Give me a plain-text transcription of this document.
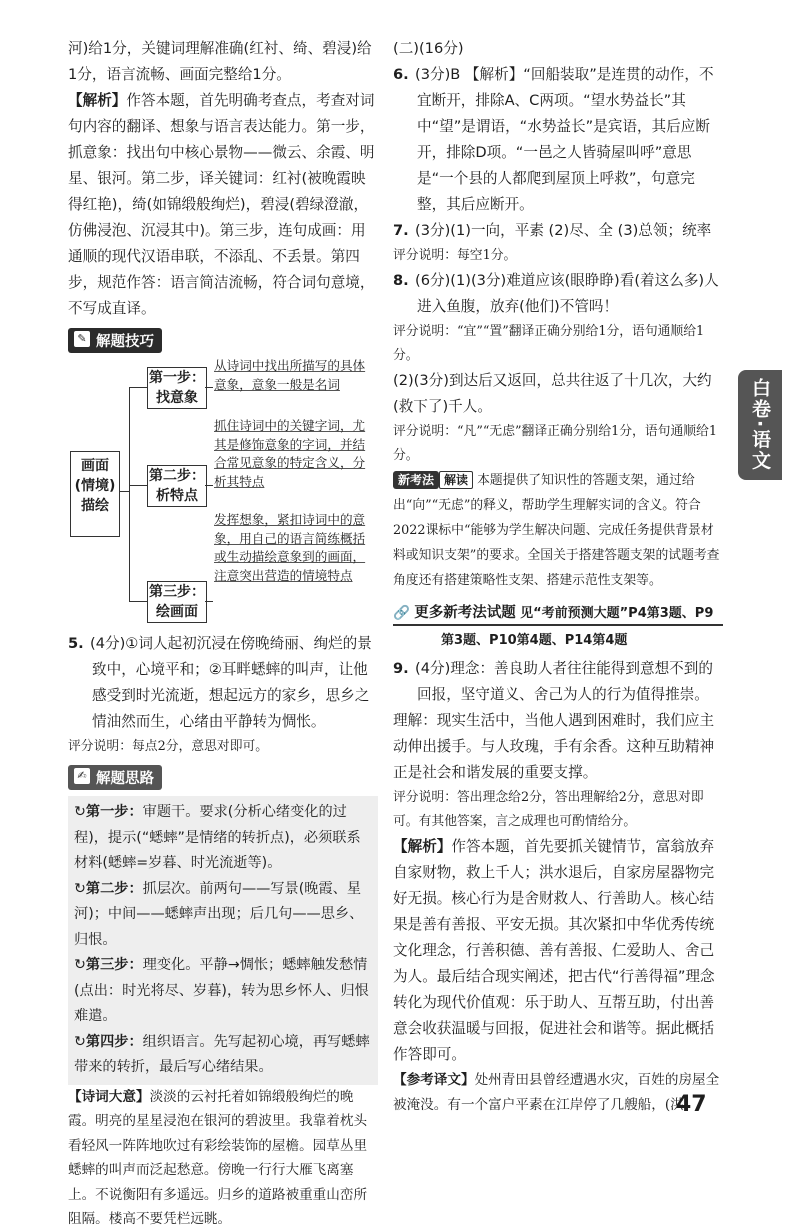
河)给1分，关键词理解准确(红衬、绮、碧浸)给1分，语言流畅、画面完整给1分。

【解析】作答本题，首先明确考查点，考查对词句内容的翻译、想象与语言表达能力。第一步，抓意象：找出句中核心景物——微云、余霞、明星、银河。第二步，译关键词：红衬(被晚霞映得红艳)，绮(如锦缎般绚烂)，碧浸(碧绿澄澈，仿佛浸泡、沉浸其中)。第三步，连句成画：用通顺的现代汉语串联，不添乱、不丢景。第四步，规范作答：语言简洁流畅，符合词句意境，不写成直译。

✎ 解题技巧
画面(情境)描绘
第一步：找意象
第二步：析特点
第三步：绘画面
从诗词中找出所描写的具体意象，意象一般是名词
抓住诗词中的关键字词，尤其是修饰意象的字词，并结合常见意象的特定含义，分析其特点
发挥想象，紧扣诗词中的意象，用自己的语言简练概括或生动描绘意象到的画面，注意突出营造的情境特点

5. (4分)①词人起初沉浸在傍晚绮丽、绚烂的景致中，心境平和；②耳畔蟋蟀的叫声，让他感受到时光流逝，想起远方的家乡，思乡之情油然而生，心绪由平静转为惆怅。

评分说明：每点2分，意思对即可。

✍ 解题思路
↻第一步：审题干。要求(分析心绪变化的过程)，提示(“蟋蟀”是情绪的转折点)，必须联系材料(蟋蟀=岁暮、时光流逝等)。
↻第二步：抓层次。前两句——写景(晚霞、星河)；中间——蟋蟀声出现；后几句——思乡、归恨。
↻第三步：理变化。平静→惆怅；蟋蟀触发愁情(点出：时光将尽、岁暮)，转为思乡怀人、归恨难遣。
↻第四步：组织语言。先写起初心境，再写蟋蟀带来的转折，最后写心绪结果。

【诗词大意】淡淡的云衬托着如锦缎般绚烂的晚霞。明亮的星星浸泡在银河的碧波里。我靠着枕头看轻风一阵阵地吹过有彩绘装饰的屋檐。园草丛里蟋蟀的叫声而泛起愁意。傍晚一行行大雁飞离塞上。不说衡阳有多遥远。归乡的道路被重重山峦所阻隔。楼高不要凭栏远眺。

(二)(16分)

6. (3分)B 【解析】“回船装取”是连贯的动作，不宜断开，排除A、C两项。“望水势益长”其中“望”是谓语，“水势益长”是宾语，其后应断开，排除D项。“一邑之人皆骑屋叫呼”意思是“一个县的人都爬到屋顶上呼救”，句意完整，其后应断开。

7. (3分)(1)一向，平素 (2)尽、全 (3)总领；统率

评分说明：每空1分。

8. (6分)(1)(3分)难道应该(眼睁睁)看(着这么多)人进入鱼腹，放弃(他们)不管吗！

评分说明：“宜”“置”翻译正确分别给1分，语句通顺给1分。

(2)(3分)到达后又返回，总共往返了十几次，大约(救下了)千人。

评分说明：“凡”“无虑”翻译正确分别给1分，语句通顺给1分。

新考法 解读 本题提供了知识性的答题支架，通过给出“向”“无虑”的释义，帮助学生理解实词的含义。符合2022课标中“能够为学生解决问题、完成任务提供背景材料或知识支架”的要求。全国关于搭建答题支架的试题考查角度还有搭建策略性支架、搭建示范性支架等。

🔗 更多新考法试题 见“考前预测大题”P4第3题、P9
第3题、P10第4题、P14第4题

9. (4分)理念：善良助人者往往能得到意想不到的回报，坚守道义、舍己为人的行为值得推崇。

理解：现实生活中，当他人遇到困难时，我们应主动伸出援手。与人玫瑰，手有余香。这种互助精神正是社会和谐发展的重要支撑。

评分说明：答出理念给2分，答出理解给2分，意思对即可。有其他答案，言之成理也可酌情给分。

【解析】作答本题，首先要抓关键情节，富翁放弃自家财物，救上千人；洪水退后，自家房屋器物完好无损。核心行为是舍财救人、行善助人。核心结果是善有善报、平安无损。其次紧扣中华优秀传统文化理念，行善积德、善有善报、仁爱助人、舍己为人。最后结合现实阐述，把古代“行善得福”理念转化为现代价值观：乐于助人、互帮互助，付出善意会收获温暖与回报，促进社会和谐等。据此概括作答即可。

【参考译文】处州青田县曾经遭遇水灾，百姓的房屋全被淹没。有一个富户平素在江岸停了几艘船，(洪

白卷·语文
47
